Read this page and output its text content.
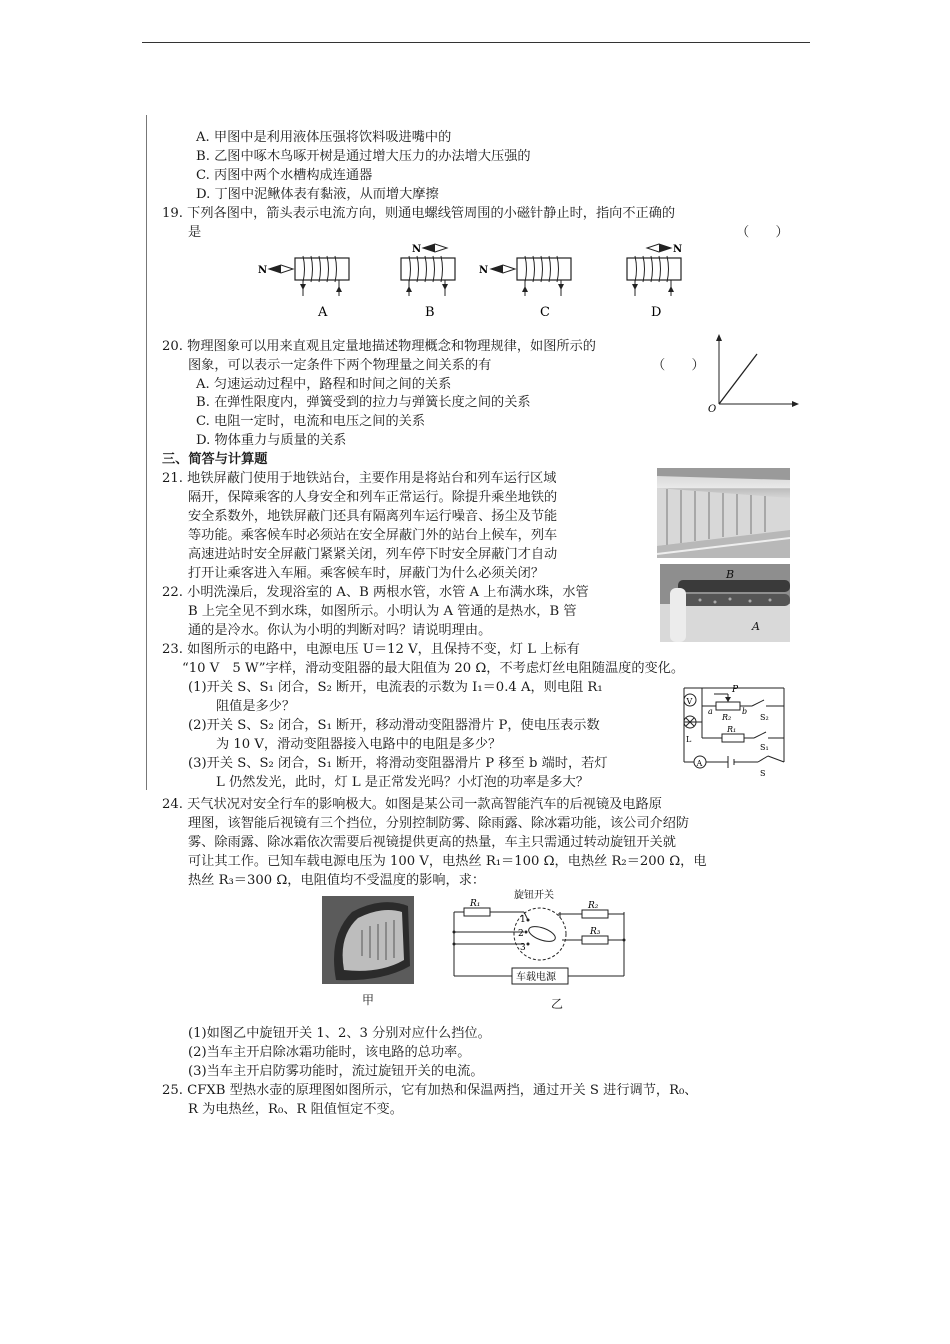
A. 甲图中是利用液体压强将饮料吸进嘴中的
B. 乙图中啄木鸟啄开树是通过增大压力的办法增大压强的
C. 丙图中两个水槽构成连通器
D. 丁图中泥鳅体表有黏液，从而增大摩擦
19. 下列各图中，箭头表示电流方向，则通电螺线管周围的小磁针静止时，指向不正确的
是	（　　）
N
A
N
B
N
C
N
D
20. 物理图象可以用来直观且定量地描述物理概念和物理规律，如图所示的
图象，可以表示一定条件下两个物理量之间关系的有	（　　）
A. 匀速运动过程中，路程和时间之间的关系
B. 在弹性限度内，弹簧受到的拉力与弹簧长度之间的关系
C. 电阻一定时，电流和电压之间的关系
D. 物体重力与质量的关系
O
三、简答与计算题
21. 地铁屏蔽门使用于地铁站台，主要作用是将站台和列车运行区域
隔开，保障乘客的人身安全和列车正常运行。除提升乘坐地铁的
安全系数外，地铁屏蔽门还具有隔离列车运行噪音、扬尘及节能
等功能。乘客候车时必须站在安全屏蔽门外的站台上候车，列车
高速进站时安全屏蔽门紧紧关闭，列车停下时安全屏蔽门才自动
打开让乘客进入车厢。乘客候车时，屏蔽门为什么必须关闭？
22. 小明洗澡后，发现浴室的 A、B 两根水管，水管 A 上布满水珠，水管
B 上完全见不到水珠，如图所示。小明认为 A 管通的是热水，B 管
通的是冷水。你认为小明的判断对吗？请说明理由。
B
A
23. 如图所示的电路中，电源电压 U＝12 V，且保持不变，灯 L 上标有
“10 V　5 W”字样，滑动变阻器的最大阻值为 20 Ω，不考虑灯丝电阻随温度的变化。
(1)开关 S、S₁ 闭合，S₂ 断开，电流表的示数为 I₁＝0.4 A，则电阻 R₁
阻值是多少？
(2)开关 S、S₂ 闭合，S₁ 断开，移动滑动变阻器滑片 P，使电压表示数
为 10 V，滑动变阻器接入电路中的电阻是多少？
(3)开关 S、S₂ 闭合，S₁ 断开，将滑动变阻器滑片 P 移至 b 端时，若灯
L 仍然发光，此时，灯 L 是正常发光吗？小灯泡的功率是多大？
V
A
P
a
R₂
b
S₂
L
R₁
S₁
S
24. 天气状况对安全行车的影响极大。如图是某公司一款高智能汽车的后视镜及电路原
理图，该智能后视镜有三个挡位，分别控制防雾、除雨露、除冰霜功能，该公司介绍防
雾、除雨露、除冰霜依次需要后视镜提供更高的热量，车主只需通过转动旋钮开关就
可让其工作。已知车载电源电压为 100 V，电热丝 R₁＝100 Ω，电热丝 R₂＝200 Ω，电
热丝 R₃＝300 Ω，电阻值均不受温度的影响，求：
甲
旋钮开关
R₁	R₂
R₃
1
2
3
车载电源
乙
(1)如图乙中旋钮开关 1、2、3 分别对应什么挡位。
(2)当车主开启除冰霜功能时，该电路的总功率。
(3)当车主开启防雾功能时，流过旋钮开关的电流。
25. CFXB 型热水壶的原理图如图所示，它有加热和保温两挡，通过开关 S 进行调节，R₀、
R 为电热丝，R₀、R 阻值恒定不变。
